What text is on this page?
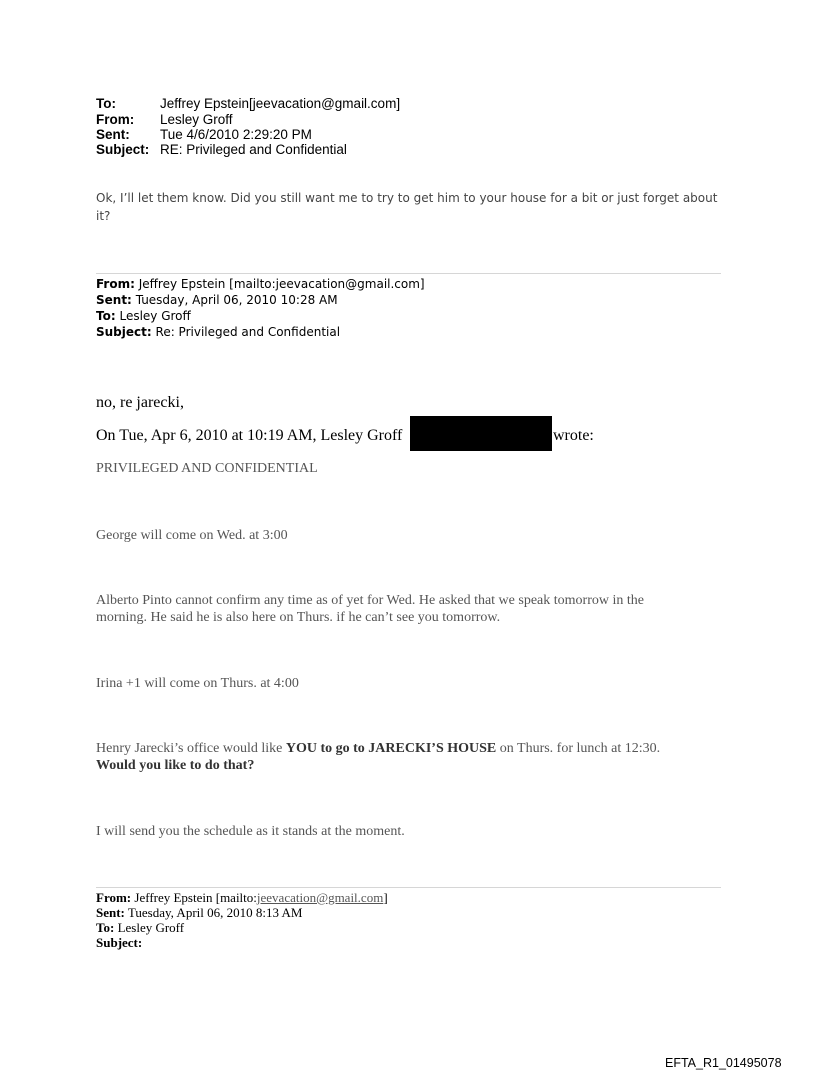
To:	Jeffrey Epstein[jeevacation@gmail.com]
From: Lesley Groff
Sent: Tue 4/6/2010 2:29:20 PM
Subject: RE: Privileged and Confidential
Ok, I’ll let them know. Did you still want me to try to get him to your house for a bit or just forget about it?
From: Jeffrey Epstein [mailto:jeevacation@gmail.com]
Sent: Tuesday, April 06, 2010 10:28 AM
To: Lesley Groff
Subject: Re: Privileged and Confidential
no, re jarecki,
On Tue, Apr 6, 2010 at 10:19 AM, Lesley Groff	wrote:
PRIVILEGED AND CONFIDENTIAL
George will come on Wed. at 3:00
Alberto Pinto cannot confirm any time as of yet for Wed. He asked that we speak tomorrow in the morning. He said he is also here on Thurs. if he can’t see you tomorrow.
Irina +1 will come on Thurs. at 4:00
Henry Jarecki’s office would like YOU to go to JARECKI’S HOUSE on Thurs. for lunch at 12:30.
Would you like to do that?
I will send you the schedule as it stands at the moment.
From: Jeffrey Epstein [mailto:jeevacation@gmail.com]
Sent: Tuesday, April 06, 2010 8:13 AM
To: Lesley Groff
Subject:
EFTA_R1_01495078
